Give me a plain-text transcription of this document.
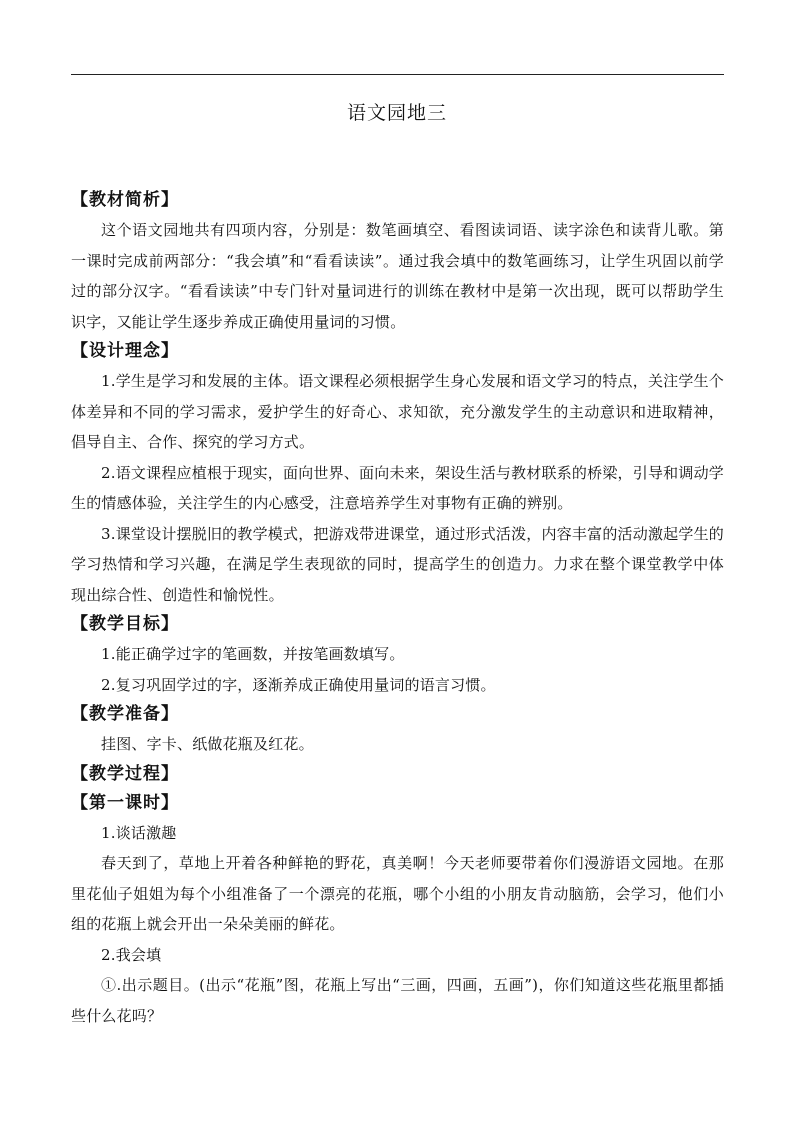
语文园地三
【教材简析】

这个语文园地共有四项内容，分别是：数笔画填空、看图读词语、读字涂色和读背儿歌。第一课时完成前两部分：“我会填”和“看看读读”。通过我会填中的数笔画练习，让学生巩固以前学过的部分汉字。“看看读读”中专门针对量词进行的训练在教材中是第一次出现，既可以帮助学生识字，又能让学生逐步养成正确使用量词的习惯。

【设计理念】

1.学生是学习和发展的主体。语文课程必须根据学生身心发展和语文学习的特点，关注学生个体差异和不同的学习需求，爱护学生的好奇心、求知欲，充分激发学生的主动意识和进取精神，倡导自主、合作、探究的学习方式。

2.语文课程应植根于现实，面向世界、面向未来，架设生活与教材联系的桥梁，引导和调动学生的情感体验，关注学生的内心感受，注意培养学生对事物有正确的辨别。

3.课堂设计摆脱旧的教学模式，把游戏带进课堂，通过形式活泼，内容丰富的活动激起学生的学习热情和学习兴趣，在满足学生表现欲的同时，提高学生的创造力。力求在整个课堂教学中体现出综合性、创造性和愉悦性。

【教学目标】

1.能正确学过字的笔画数，并按笔画数填写。

2.复习巩固学过的字，逐渐养成正确使用量词的语言习惯。

【教学准备】

挂图、字卡、纸做花瓶及红花。

【教学过程】
【第一课时】

1.谈话激趣

春天到了，草地上开着各种鲜艳的野花，真美啊！今天老师要带着你们漫游语文园地。在那里花仙子姐姐为每个小组准备了一个漂亮的花瓶，哪个小组的小朋友肯动脑筋，会学习，他们小组的花瓶上就会开出一朵朵美丽的鲜花。

2.我会填

①.出示题目。(出示“花瓶”图，花瓶上写出“三画，四画，五画”)，你们知道这些花瓶里都插些什么花吗？
